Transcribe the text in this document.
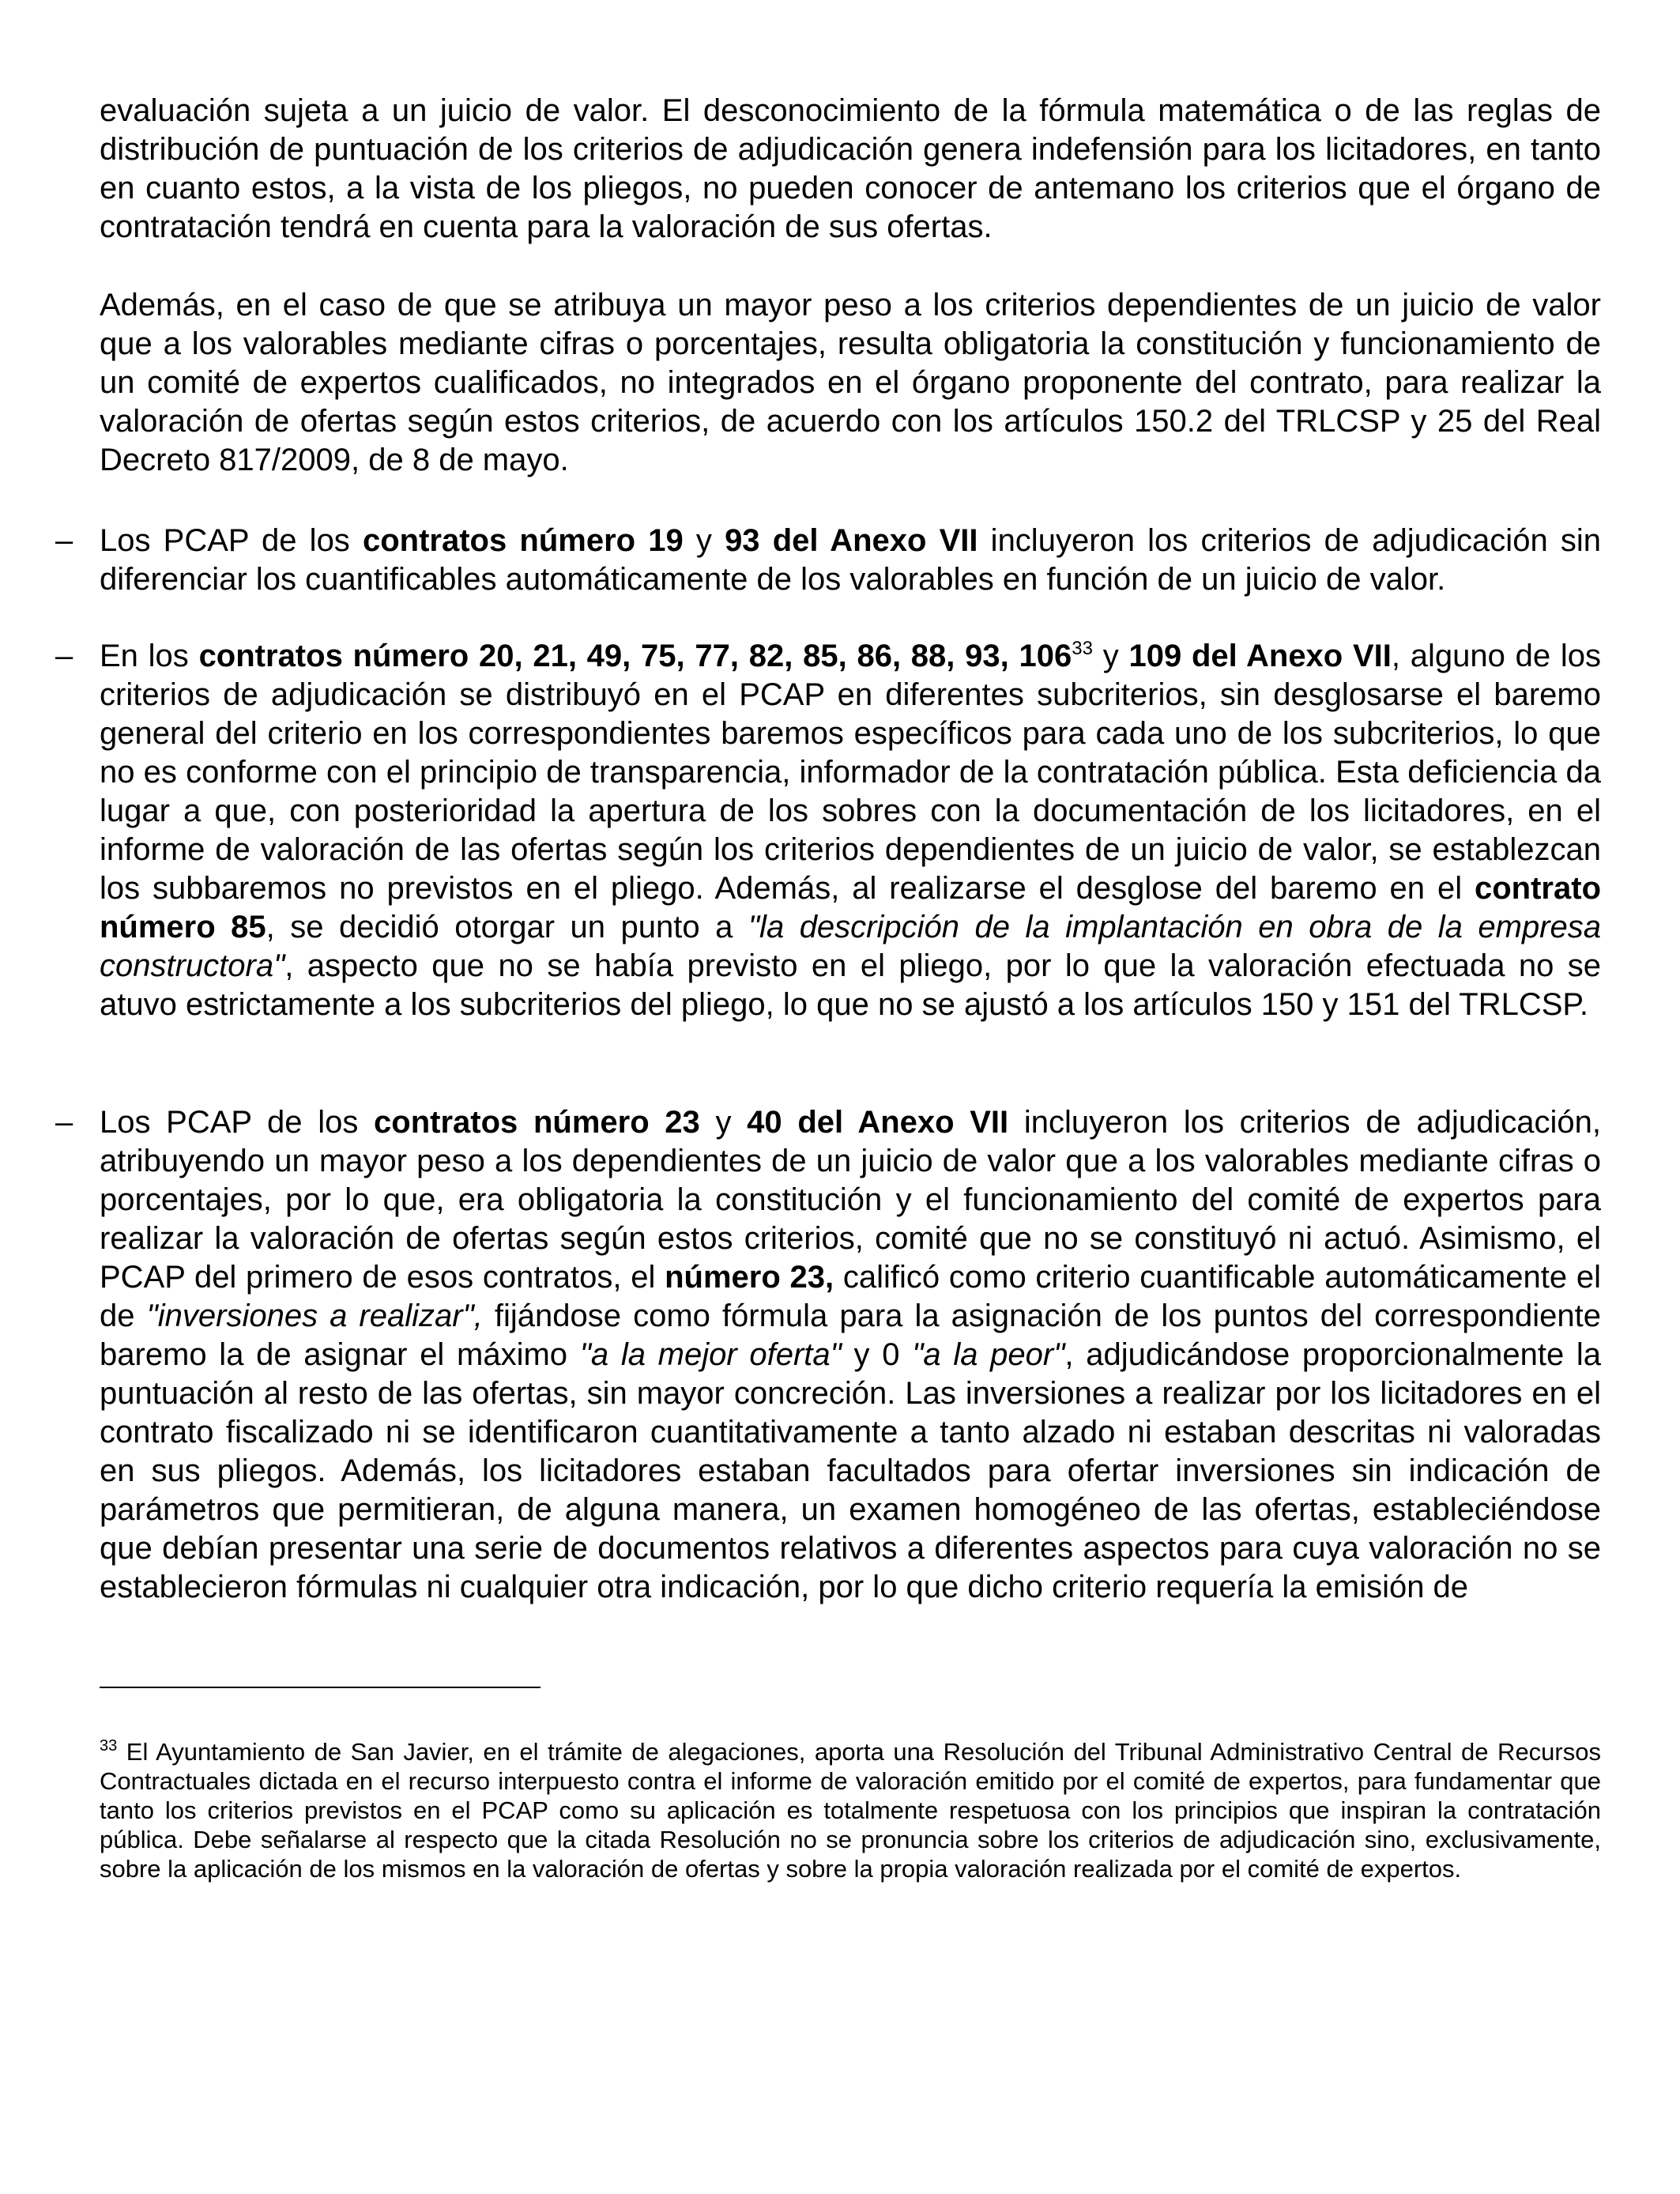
evaluación sujeta a un juicio de valor. El desconocimiento de la fórmula matemática o de las reglas de distribución de puntuación de los criterios de adjudicación genera indefensión para los licitadores, en tanto en cuanto estos, a la vista de los pliegos, no pueden conocer de antemano los criterios que el órgano de contratación tendrá en cuenta para la valoración de sus ofertas.

Además, en el caso de que se atribuya un mayor peso a los criterios dependientes de un juicio de valor que a los valorables mediante cifras o porcentajes, resulta obligatoria la constitución y funcionamiento de un comité de expertos cualificados, no integrados en el órgano proponente del contrato, para realizar la valoración de ofertas según estos criterios, de acuerdo con los artículos 150.2 del TRLCSP y 25 del Real Decreto 817/2009, de 8 de mayo.

– Los PCAP de los contratos número 19 y 93 del Anexo VII incluyeron los criterios de adjudicación sin diferenciar los cuantificables automáticamente de los valorables en función de un juicio de valor.
– En los contratos número 20, 21, 49, 75, 77, 82, 85, 86, 88, 93, $106^{33}$ y 109 del Anexo VII, alguno de los criterios de adjudicación se distribuyó en el PCAP en diferentes subcriterios, sin desglosarse el baremo general del criterio en los correspondientes baremos específicos para cada uno de los subcriterios, lo que no es conforme con el principio de transparencia, informador de la contratación pública. Esta deficiencia da lugar a que, con posterioridad la apertura de los sobres con la documentación de los licitadores, en el informe de valoración de las ofertas según los criterios dependientes de un juicio de valor, se establezcan los subbaremos no previstos en el pliego. Además, al realizarse el desglose del baremo en el contrato número 85, se decidió otorgar un punto a "la descripción de la implantación en obra de la empresa constructora", aspecto que no se había previsto en el pliego, por lo que la valoración efectuada no se atuvo estrictamente a los subcriterios del pliego, lo que no se ajustó a los artículos 150 y 151 del TRLCSP.
– Los PCAP de los contratos número 23 y 40 del Anexo VII incluyeron los criterios de adjudicación, atribuyendo un mayor peso a los dependientes de un juicio de valor que a los valorables mediante cifras o porcentajes, por lo que, era obligatoria la constitución y el funcionamiento del comité de expertos para realizar la valoración de ofertas según estos criterios, comité que no se constituyó ni actuó. Asimismo, el PCAP del primero de esos contratos, el número 23, calificó como criterio cuantificable automáticamente el de "inversiones a realizar", fijándose como fórmula para la asignación de los puntos del correspondiente baremo la de asignar el máximo "a la mejor oferta" y 0 "a la peor", adjudicándose proporcionalmente la puntuación al resto de las ofertas, sin mayor concreción. Las inversiones a realizar por los licitadores en el contrato fiscalizado ni se identificaron cuantitativamente a tanto alzado ni estaban descritas ni valoradas en sus pliegos. Además, los licitadores estaban facultados para ofertar inversiones sin indicación de parámetros que permitieran, de alguna manera, un examen homogéneo de las ofertas, estableciéndose que debían presentar una serie de documentos relativos a diferentes aspectos para cuya valoración no se establecieron fórmulas ni cualquier otra indicación, por lo que dicho criterio requería la emisión de
$^{33}$ El Ayuntamiento de San Javier, en el trámite de alegaciones, aporta una Resolución del Tribunal Administrativo Central de Recursos Contractuales dictada en el recurso interpuesto contra el informe de valoración emitido por el comité de expertos, para fundamentar que tanto los criterios previstos en el PCAP como su aplicación es totalmente respetuosa con los principios que inspiran la contratación pública. Debe señalarse al respecto que la citada Resolución no se pronuncia sobre los criterios de adjudicación sino, exclusivamente, sobre la aplicación de los mismos en la valoración de ofertas y sobre la propia valoración realizada por el comité de expertos.
